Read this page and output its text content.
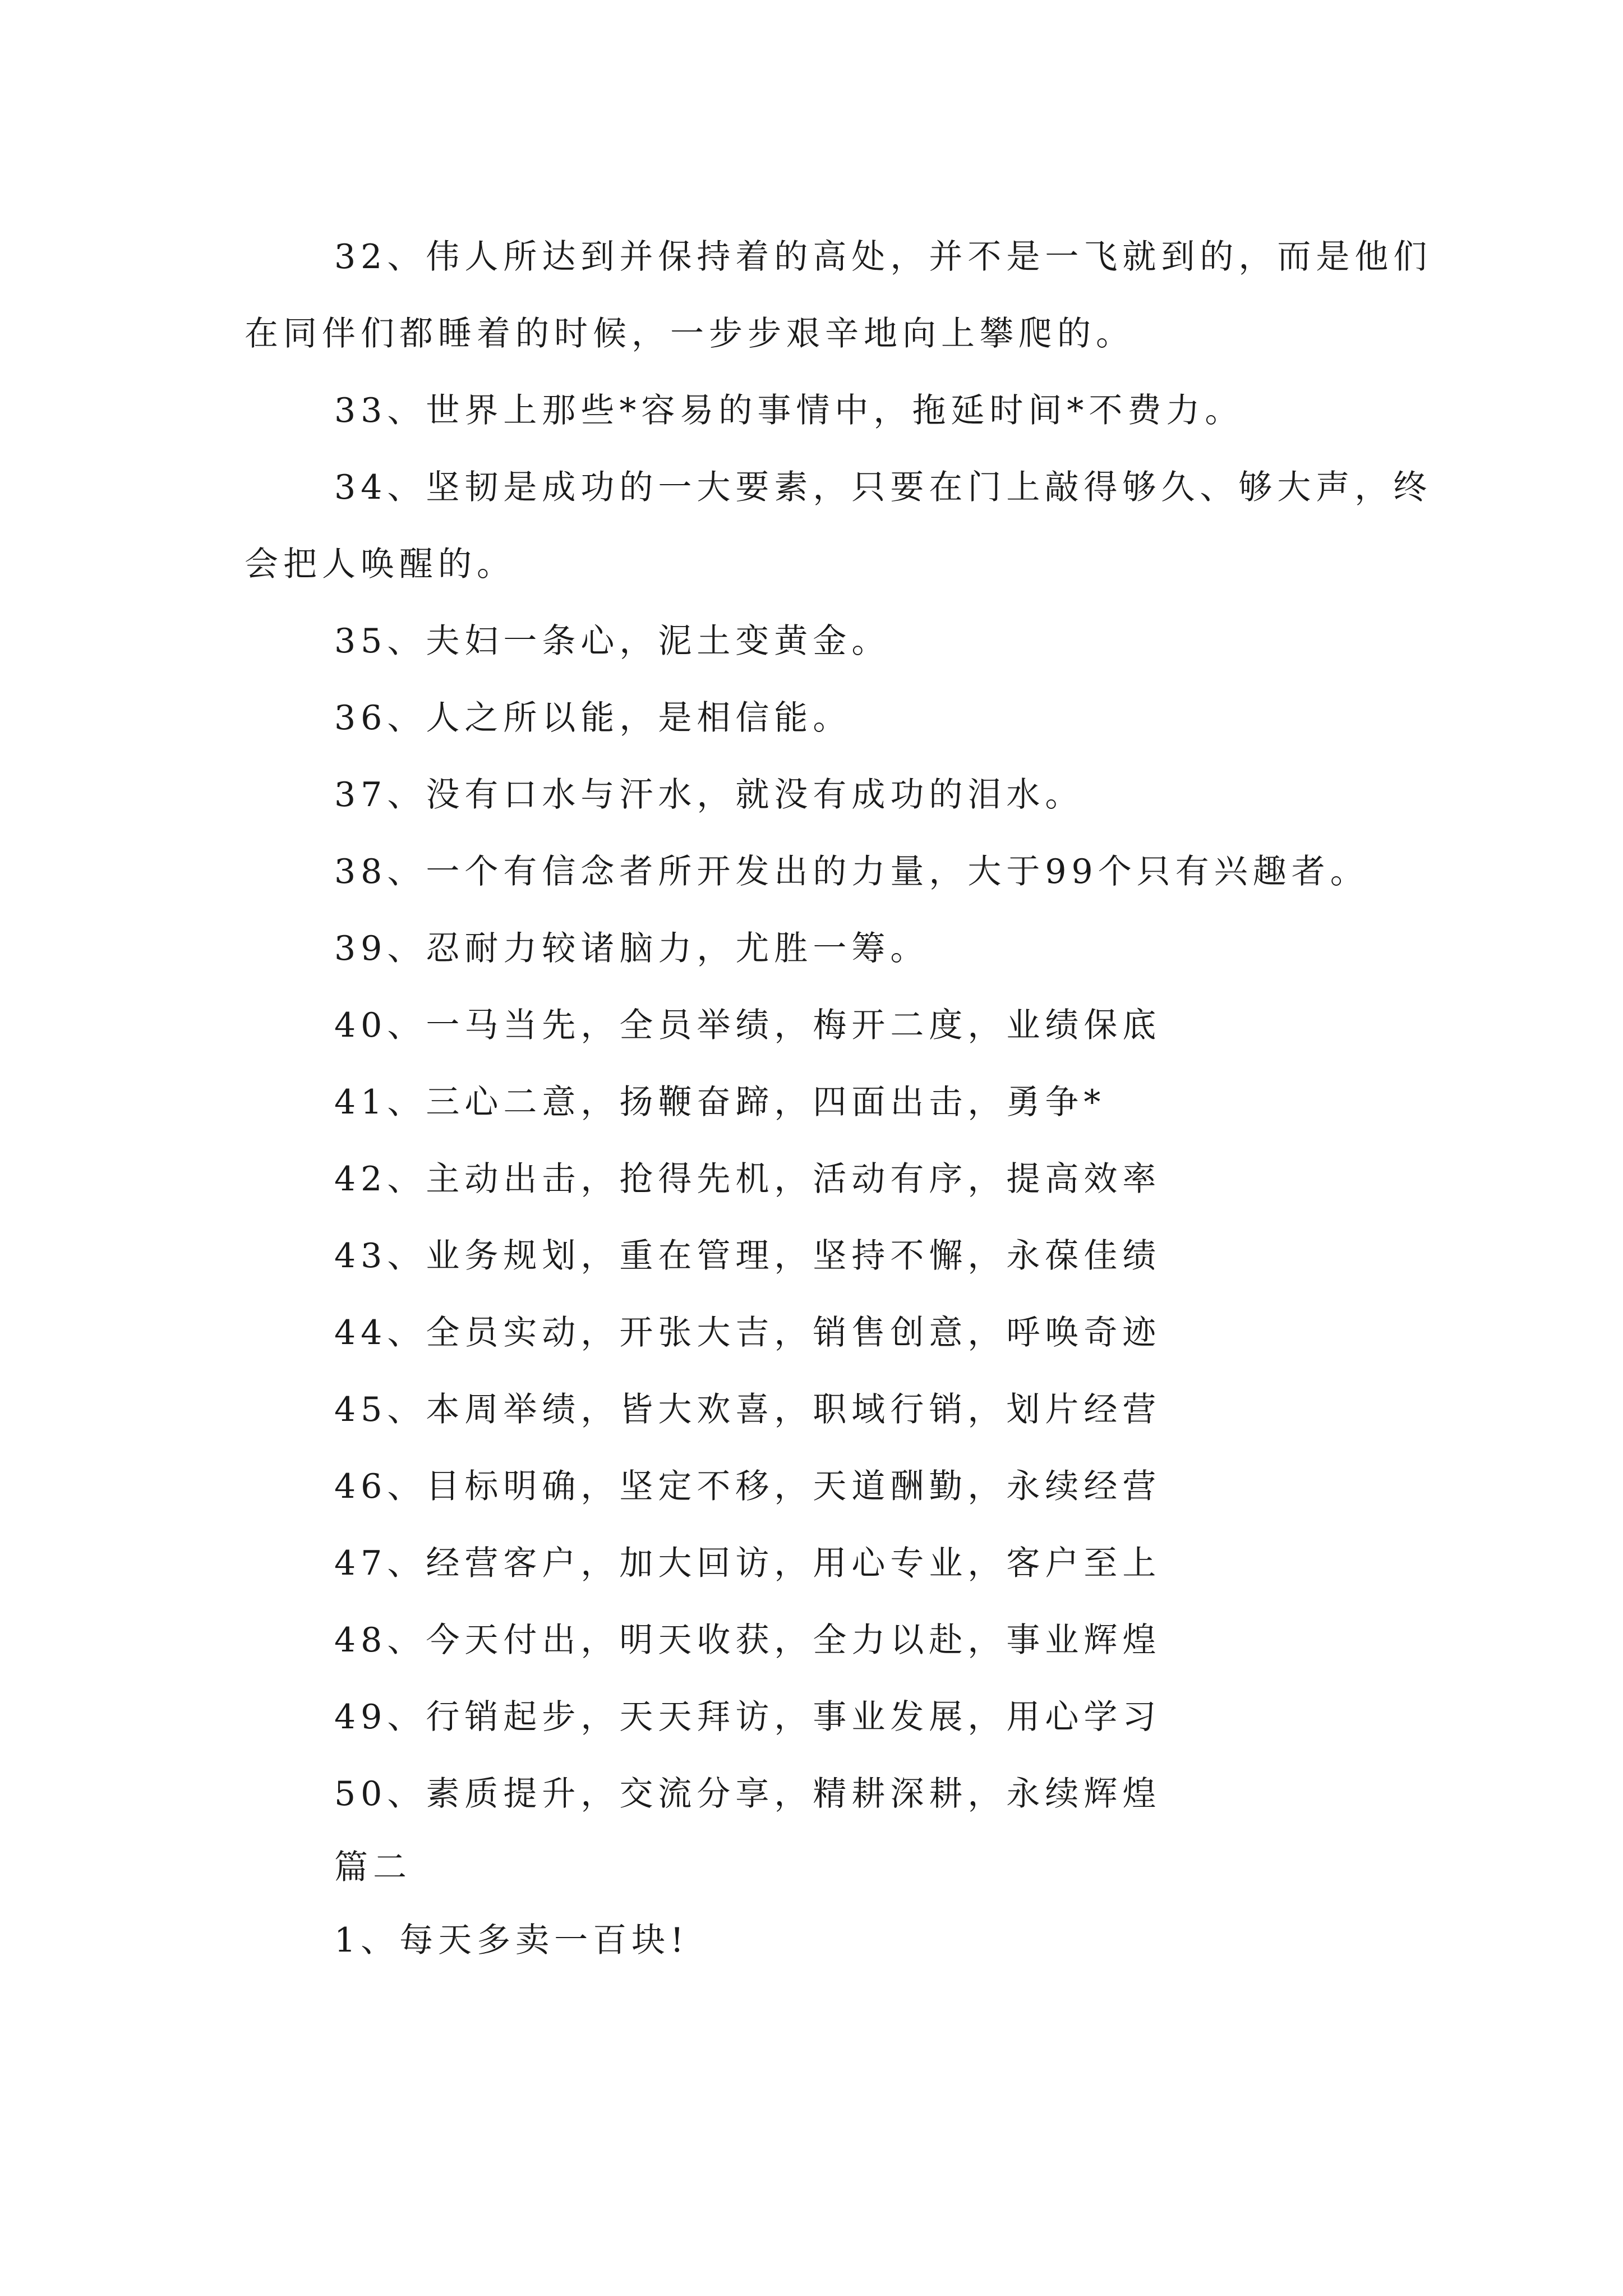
32、伟人所达到并保持着的高处，并不是一飞就到的，而是他们在同伴们都睡着的时候，一步步艰辛地向上攀爬的。

33、世界上那些*容易的事情中，拖延时间*不费力。

34、坚韧是成功的一大要素，只要在门上敲得够久、够大声，终会把人唤醒的。

35、夫妇一条心，泥土变黄金。

36、人之所以能，是相信能。

37、没有口水与汗水，就没有成功的泪水。

38、一个有信念者所开发出的力量，大于99个只有兴趣者。

39、忍耐力较诸脑力，尤胜一筹。

40、一马当先，全员举绩，梅开二度，业绩保底

41、三心二意，扬鞭奋蹄，四面出击，勇争*

42、主动出击，抢得先机，活动有序，提高效率

43、业务规划，重在管理，坚持不懈，永葆佳绩

44、全员实动，开张大吉，销售创意，呼唤奇迹

45、本周举绩，皆大欢喜，职域行销，划片经营

46、目标明确，坚定不移，天道酬勤，永续经营

47、经营客户，加大回访，用心专业，客户至上

48、今天付出，明天收获，全力以赴，事业辉煌

49、行销起步，天天拜访，事业发展，用心学习

50、素质提升，交流分享，精耕深耕，永续辉煌

篇二

1、每天多卖一百块!
